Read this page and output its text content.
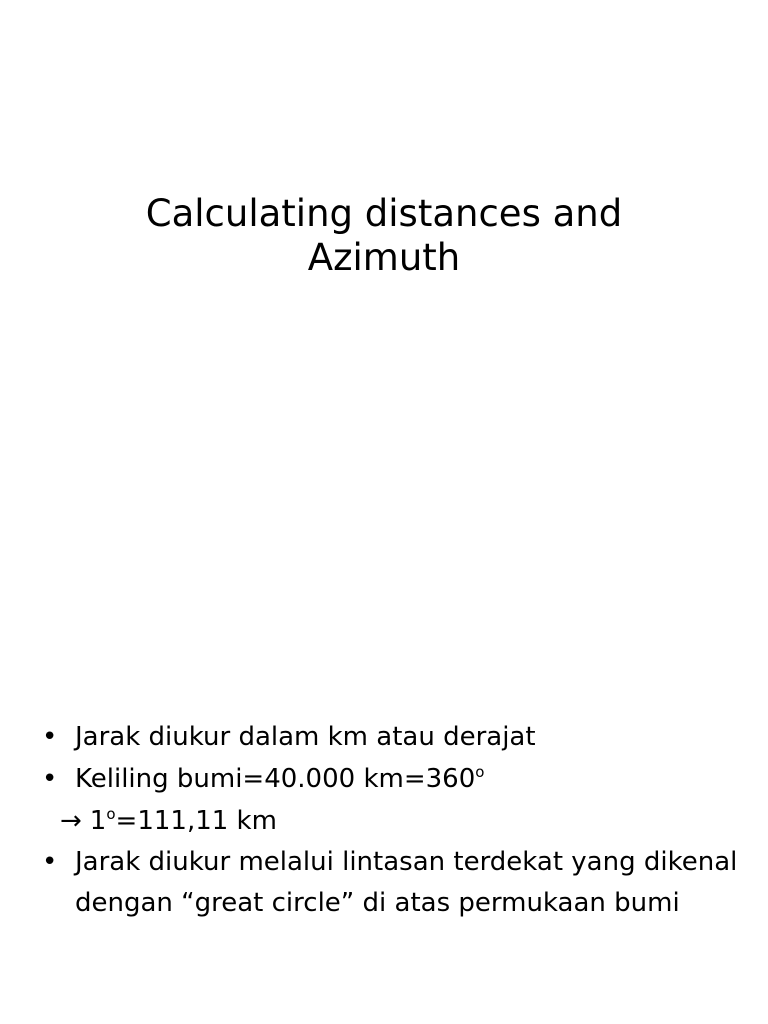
Calculating distances and
Azimuth
• Jarak diukur dalam km atau derajat
• Keliling bumi=40.000 $km=360^o$
→ $1^o=111,11$ km
• Jarak diukur melalui lintasan terdekat yang dikenal dengan “great circle” di atas permukaan bumi
